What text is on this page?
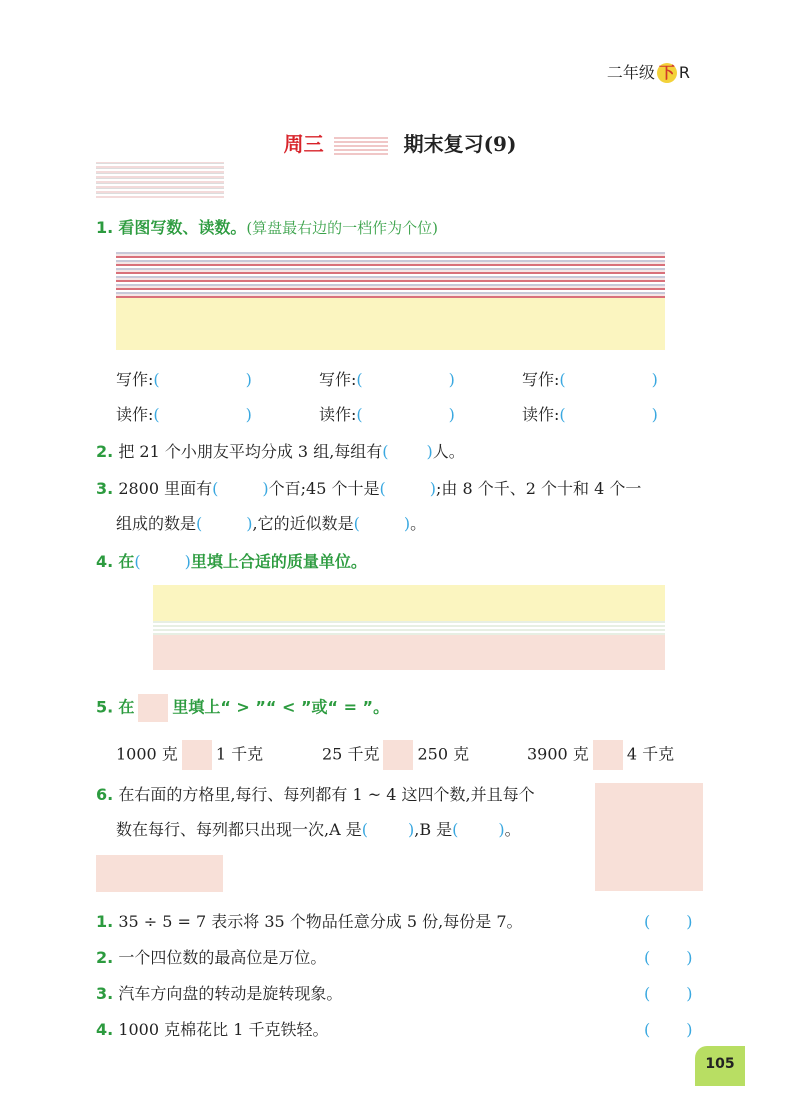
二年级 下 R
周三	期末复习(9)
1. 看图写数、读数。(算盘最右边的一档作为个位)
写作:(	)	写作:(	)	写作:(	)
读作:(	)	读作:(	)	读作:(	)
2. 把 21 个小朋友平均分成 3 组,每组有( )人。
3. 2800 里面有(	)个百;45 个十是(	);由 8 个千、2 个十和 4 个一
组成的数是(	),它的近似数是(	)。
4. 在(	)里填上合适的质量单位。
5. 在 里填上“ > ”“ < ”或“ = ”。
1000 克 1 千克	25 千克 250 克	3900 克 4 千克
6. 在右面的方格里,每行、每列都有 1 ~ 4 这四个数,并且每个
数在每行、每列都只出现一次,A 是(	),B 是(	)。
1. 35 ÷ 5 = 7 表示将 35 个物品任意分成 5 份,每份是 7。	( )
2. 一个四位数的最高位是万位。	( )
3. 汽车方向盘的转动是旋转现象。	( )
4. 1000 克棉花比 1 千克铁轻。	( )
105
